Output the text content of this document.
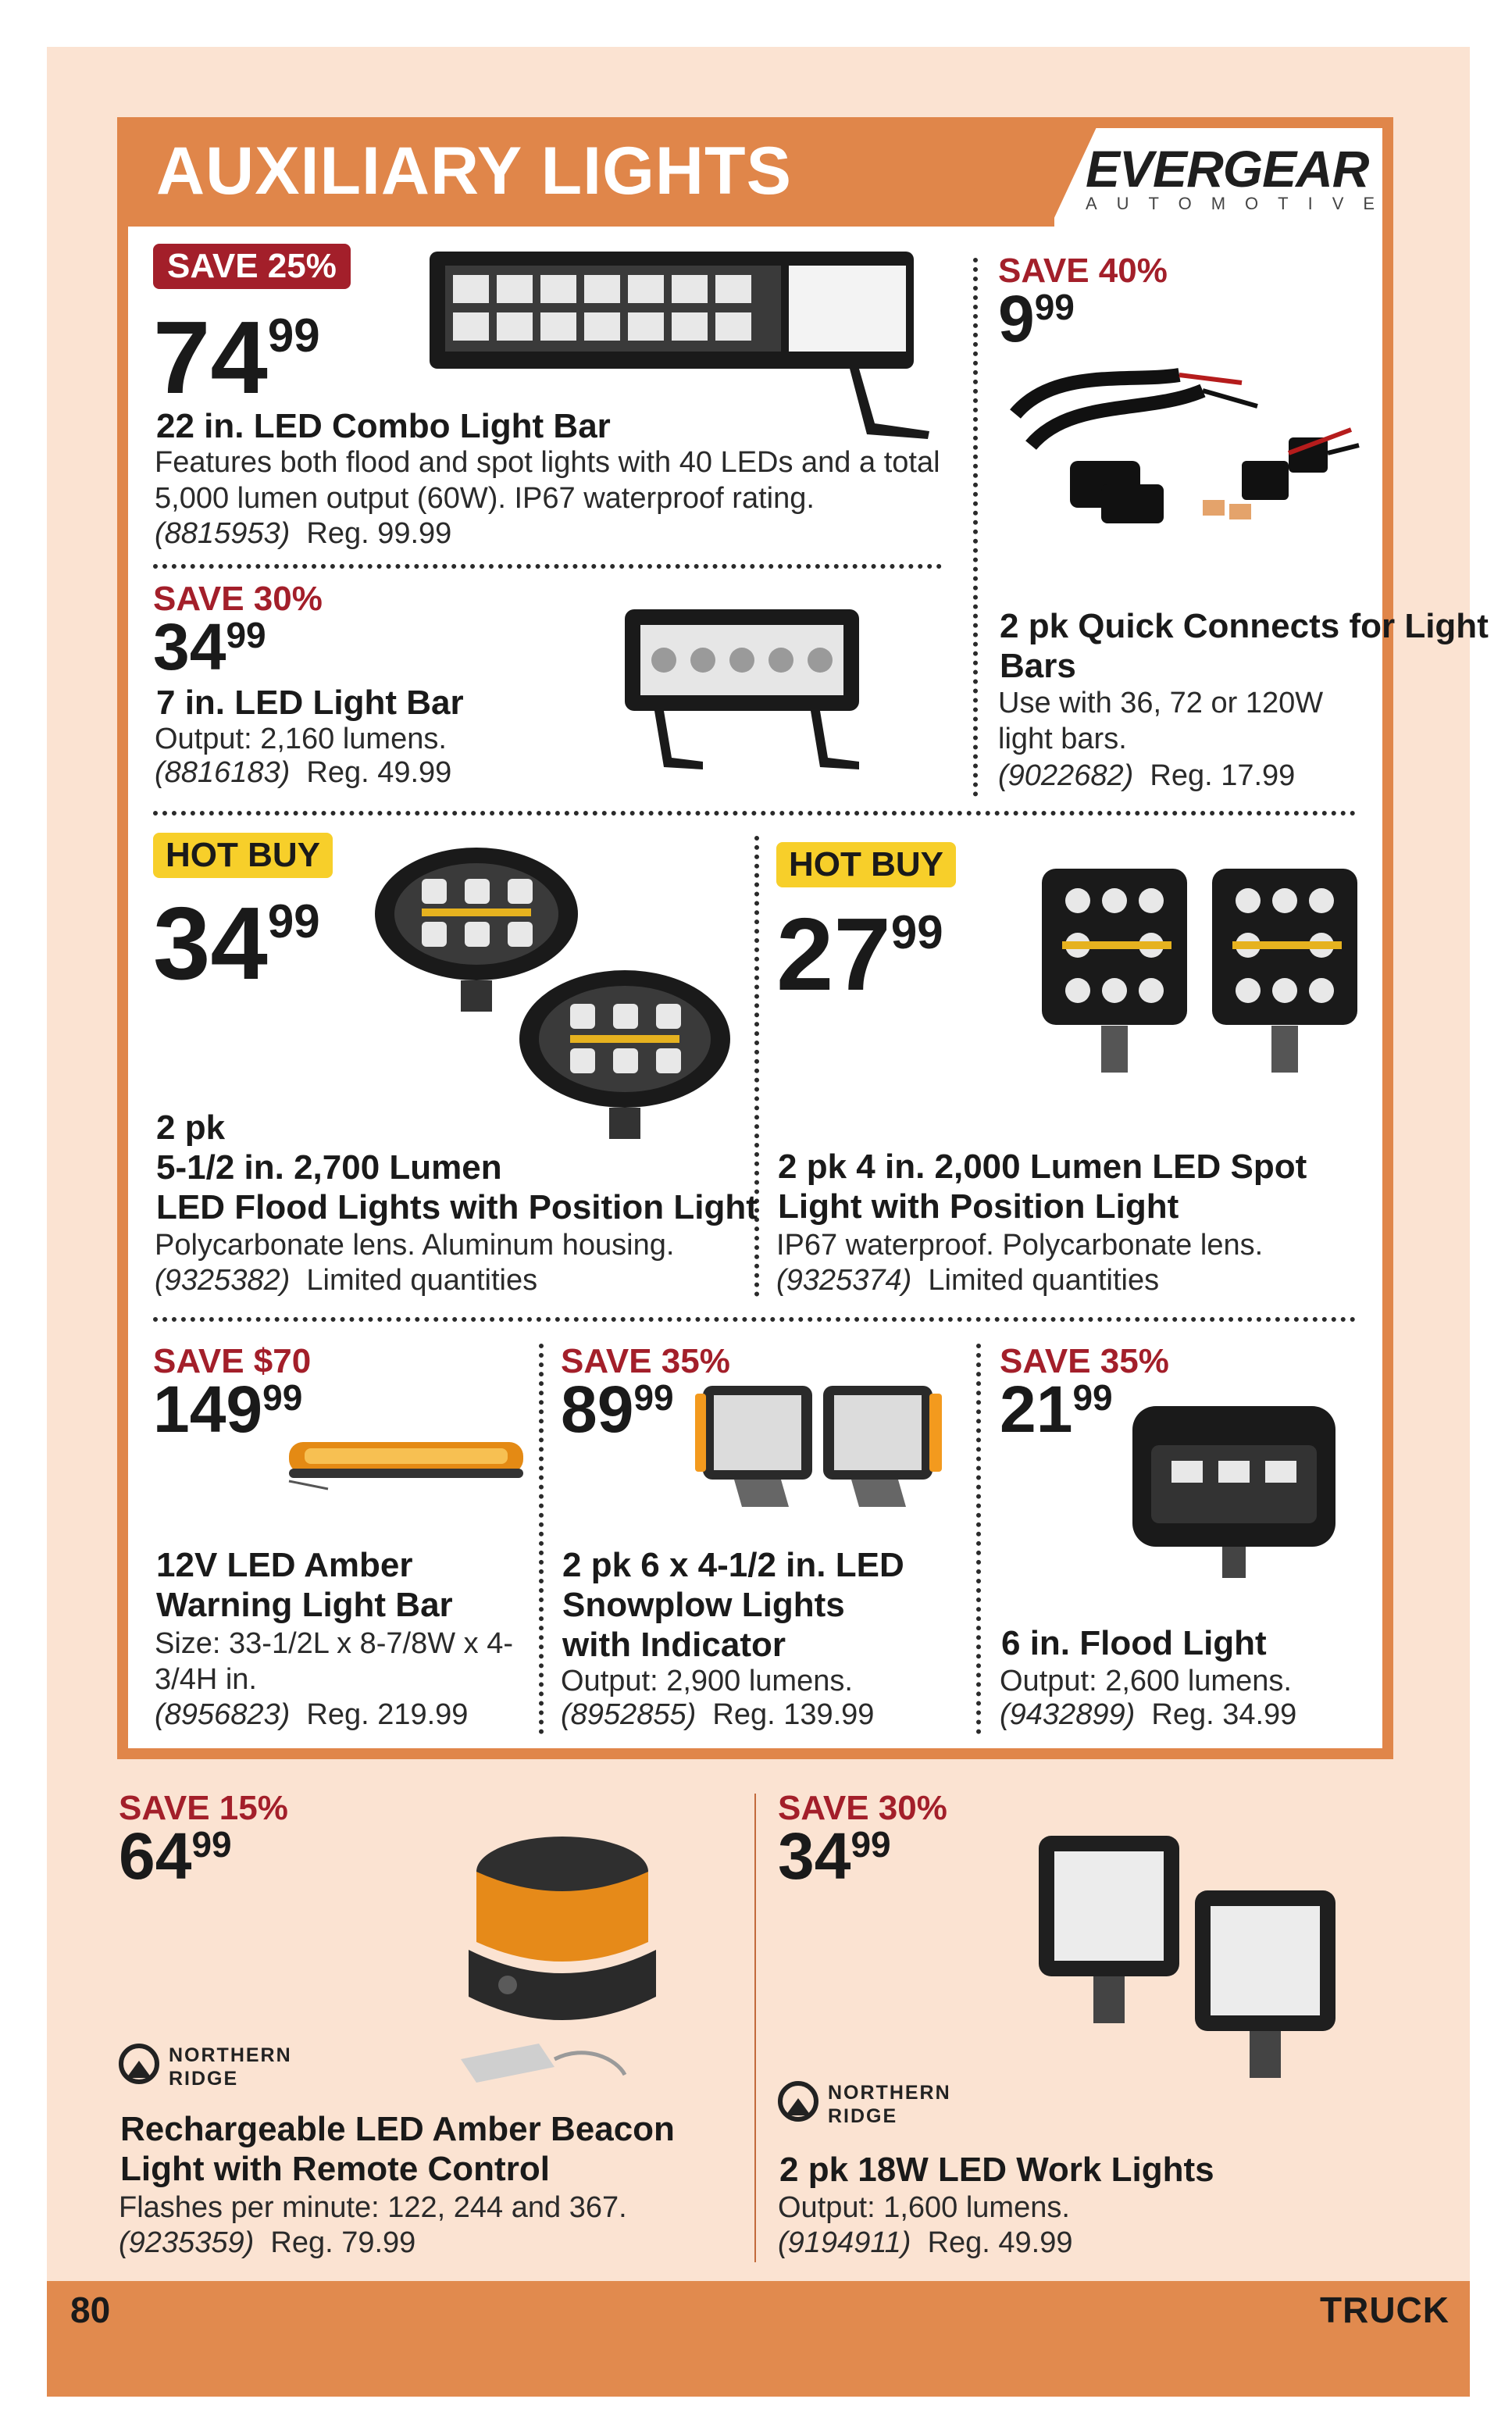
AUXILIARY LIGHTS	EVERGEAR
AUTOMOTIVE
SAVE 25%
7499
22 in. LED Combo Light Bar
Features both flood and spot lights with 40 LEDs and a total 5,000 lumen output (60W). IP67 waterproof rating.
(8815953) Reg. 99.99
SAVE 40%
999
2 pk Quick Connects for Light Bars
Use with 36, 72 or 120W light bars.
(9022682) Reg. 17.99
SAVE 30%
3499
7 in. LED Light Bar
Output: 2,160 lumens.
(8816183) Reg. 49.99
HOT BUY
3499
2 pk
5-1/2 in. 2,700 Lumen
LED Flood Lights with Position Light
Polycarbonate lens. Aluminum housing.
(9325382) Limited quantities
HOT BUY
2799
2 pk 4 in. 2,000 Lumen LED Spot
Light with Position Light
IP67 waterproof. Polycarbonate lens.
(9325374) Limited quantities
SAVE $70
14999
12V LED Amber
Warning Light Bar
Size: 33-1/2L x 8-7/8W x 4-3/4H in.
(8956823) Reg. 219.99
SAVE 35%
8999
2 pk 6 x 4-1/2 in. LED
Snowplow Lights
with Indicator
Output: 2,900 lumens.
(8952855) Reg. 139.99
SAVE 35%
2199
6 in. Flood Light
Output: 2,600 lumens.
(9432899) Reg. 34.99
SAVE 15%
6499
NORTHERN
RIDGE
Rechargeable LED Amber Beacon
Light with Remote Control
Flashes per minute: 122, 244 and 367.
(9235359) Reg. 79.99
SAVE 30%
3499
NORTHERN
RIDGE
2 pk 18W LED Work Lights
Output: 1,600 lumens.
(9194911) Reg. 49.99
80	TRUCK
